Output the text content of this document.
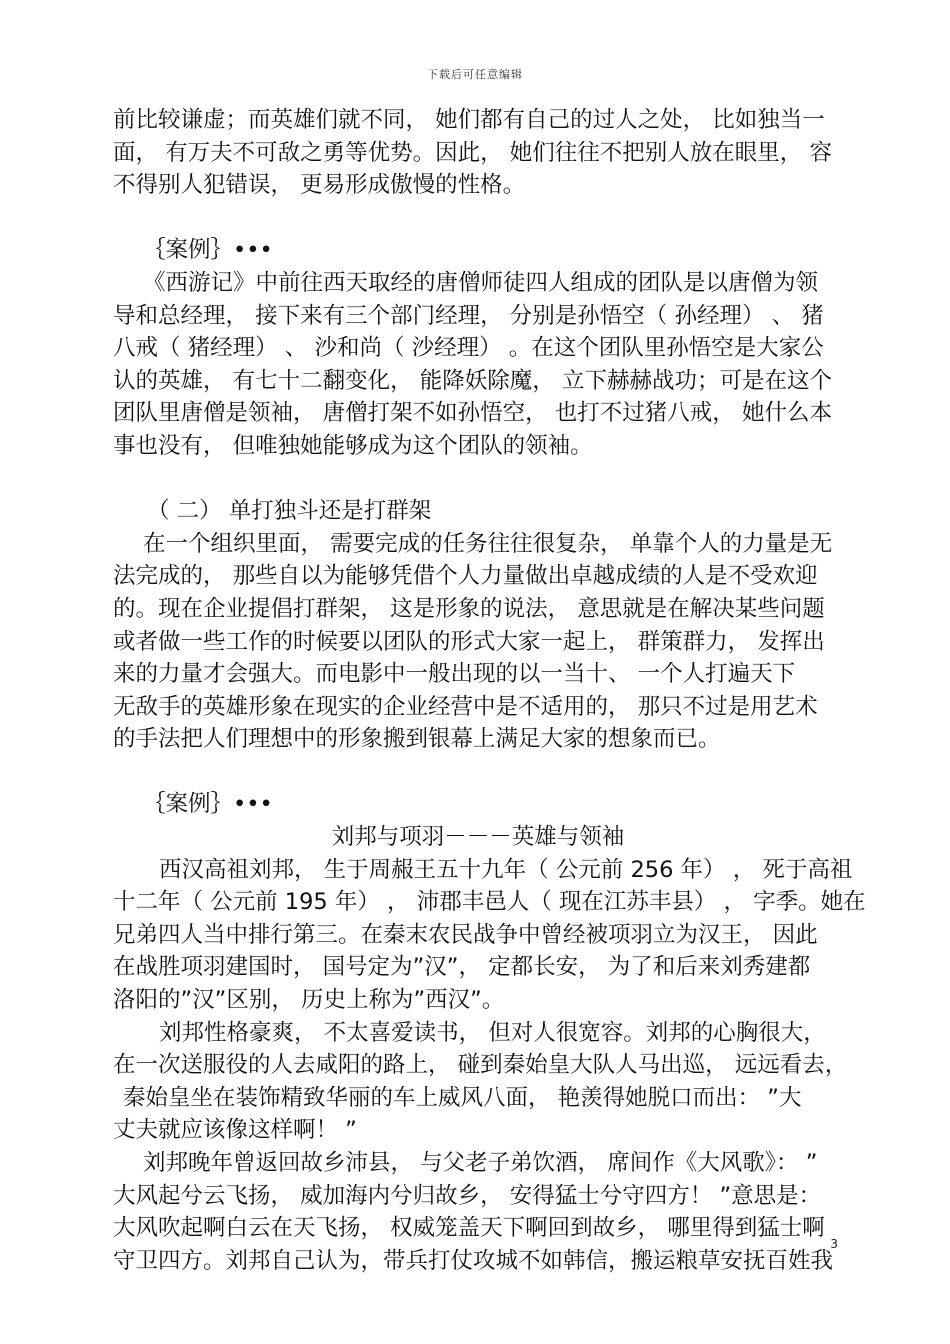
下载后可任意编辑
前比较谦虚；而英雄们就不同， 她们都有自己的过人之处， 比如独当一
面， 有万夫不可敌之勇等优势。因此， 她们往往不把别人放在眼里， 容
不得别人犯错误， 更易形成傲慢的性格。
｛案例｝•••
《西游记》中前往西天取经的唐僧师徒四人组成的团队是以唐僧为领
导和总经理， 接下来有三个部门经理， 分别是孙悟空（ 孙经理） 、 猪
八戒（ 猪经理） 、 沙和尚（ 沙经理） 。在这个团队里孙悟空是大家公
认的英雄， 有七十二翻变化， 能降妖除魔， 立下赫赫战功；可是在这个
团队里唐僧是领袖， 唐僧打架不如孙悟空， 也打不过猪八戒， 她什么本
事也没有， 但唯独她能够成为这个团队的领袖。
（ 二） 单打独斗还是打群架
在一个组织里面， 需要完成的任务往往很复杂， 单靠个人的力量是无
法完成的， 那些自以为能够凭借个人力量做出卓越成绩的人是不受欢迎
的。现在企业提倡打群架， 这是形象的说法， 意思就是在解决某些问题
或者做一些工作的时候要以团队的形式大家一起上， 群策群力， 发挥出
来的力量才会强大。而电影中一般出现的以一当十、 一个人打遍天下
无敌手的英雄形象在现实的企业经营中是不适用的， 那只不过是用艺术
的手法把人们理想中的形象搬到银幕上满足大家的想象而已。
｛案例｝•••
刘邦与项羽－－－英雄与领袖
西汉高祖刘邦， 生于周赧王五十九年（ 公元前 256 年） ， 死于高祖
十二年（ 公元前 195 年） ， 沛郡丰邑人（ 现在江苏丰县） ， 字季。她在
兄弟四人当中排行第三。在秦末农民战争中曾经被项羽立为汉王， 因此
在战胜项羽建国时， 国号定为”汉”， 定都长安， 为了和后来刘秀建都
洛阳的”汉”区别， 历史上称为”西汉”。
刘邦性格豪爽， 不太喜爱读书， 但对人很宽容。刘邦的心胸很大，
在一次送服役的人去咸阳的路上， 碰到秦始皇大队人马出巡， 远远看去，
秦始皇坐在装饰精致华丽的车上威风八面， 艳羡得她脱口而出： ”大
丈夫就应该像这样啊！ ”
刘邦晚年曾返回故乡沛县， 与父老子弟饮酒， 席间作《大风歌》： ”
大风起兮云飞扬， 威加海内兮归故乡， 安得猛士兮守四方！ ”意思是：
大风吹起啊白云在天飞扬， 权威笼盖天下啊回到故乡， 哪里得到猛士啊
守卫四方。刘邦自己认为，带兵打仗攻城不如韩信，搬运粮草安抚百姓我
3
